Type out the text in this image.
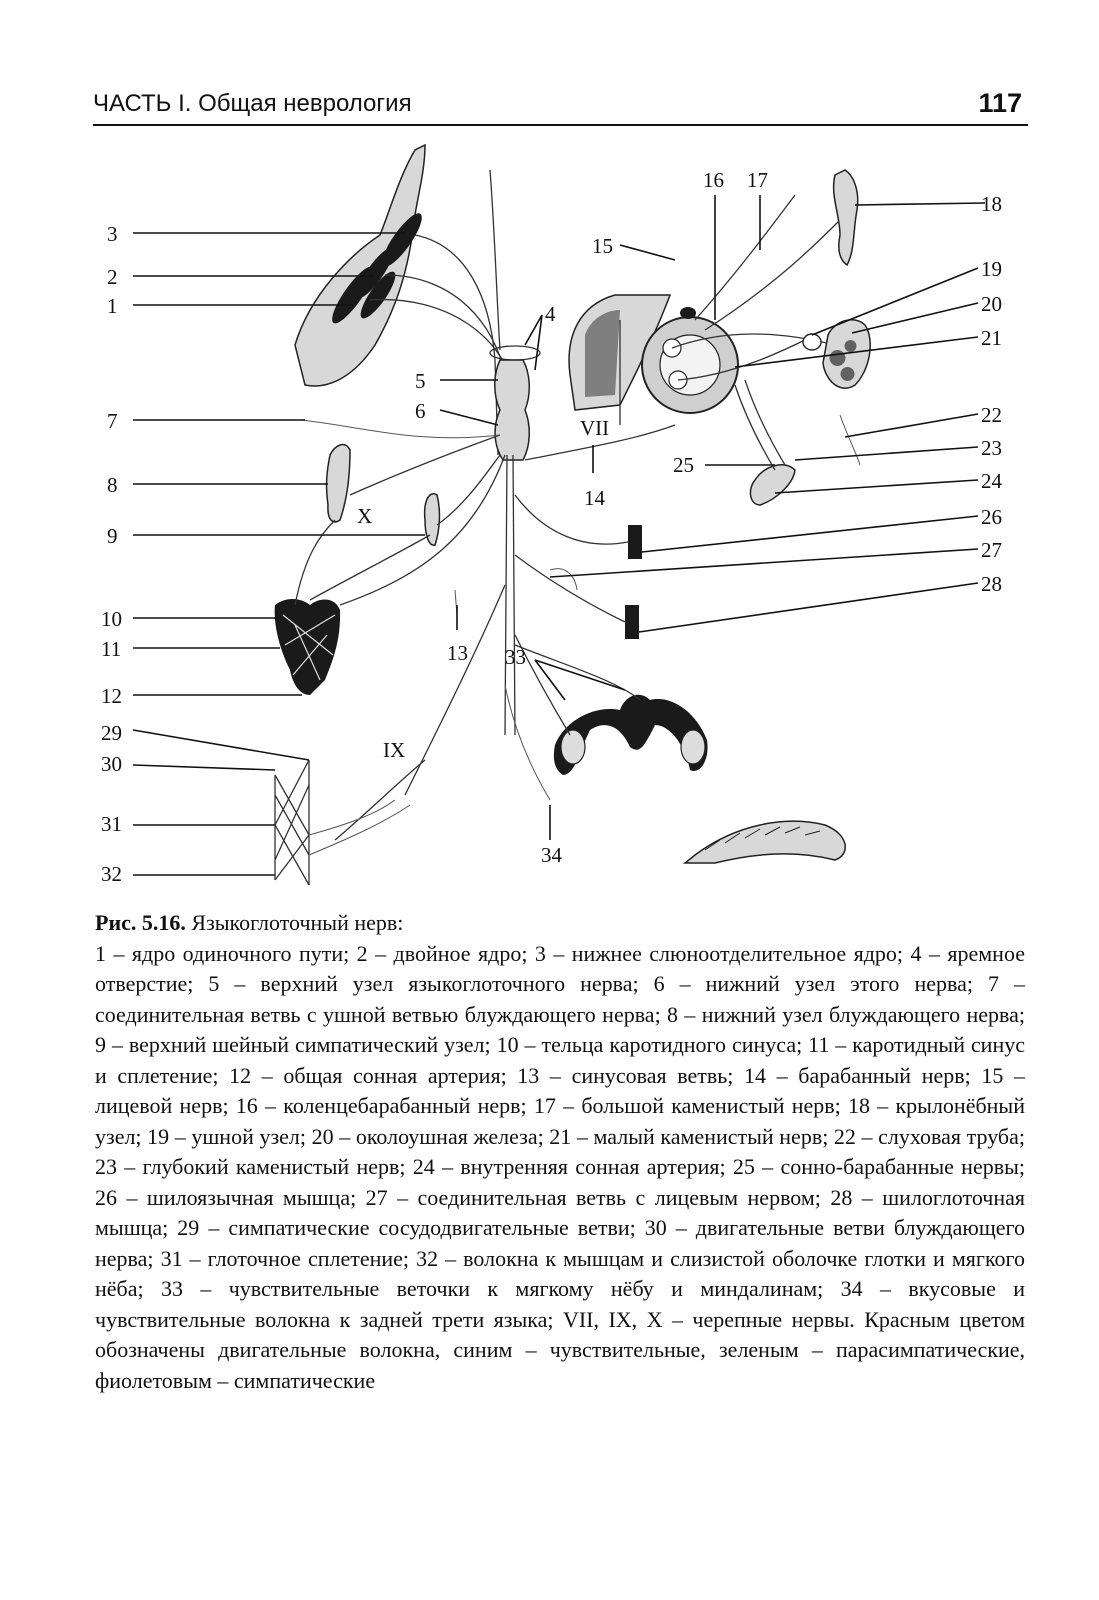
ЧАСТЬ I. Общая неврология	117
3
2
1	4
5
6
7
8
X
9
10
11	13
12
29
IX
30
31
32
34
VII
14
15
16 17
18
19
20
21
22
23
25
24
26
27
28
33

Рис. 5.16. Языкоглоточный нерв:

1 – ядро одиночного пути; 2 – двойное ядро; 3 – нижнее слюноотделительное ядро; 4 – яремное отверстие; 5 – верхний узел языкоглоточного нерва; 6 – нижний узел этого нерва; 7 – соединительная ветвь с ушной ветвью блуждающего нерва; 8 – нижний узел блуждающего нерва; 9 – верхний шейный симпатический узел; 10 – тельца каротидного синуса; 11 – каротидный синус и сплетение; 12 – общая сонная артерия; 13 – синусовая ветвь; 14 – барабанный нерв; 15 – лицевой нерв; 16 – коленцебарабанный нерв; 17 – большой каменистый нерв; 18 – крылонёбный узел; 19 – ушной узел; 20 – околоушная железа; 21 – малый каменистый нерв; 22 – слуховая труба; 23 – глубокий каменистый нерв; 24 – внутренняя сонная артерия; 25 – сонно-барабанные нервы; 26 – шилоязычная мышца; 27 – соединительная ветвь с лицевым нервом; 28 – шилоглоточная мышца; 29 – симпатические сосудодвигательные ветви; 30 – двигательные ветви блуждающего нерва; 31 – глоточное сплетение; 32 – волокна к мышцам и слизистой оболочке глотки и мягкого нёба; 33 – чувствительные веточки к мягкому нёбу и миндалинам; 34 – вкусовые и чувствительные волокна к задней трети языка; VII, IX, X – черепные нервы. Красным цветом обозначены двигательные волокна, синим – чувствительные, зеленым – парасимпатические, фиолетовым – симпатические
